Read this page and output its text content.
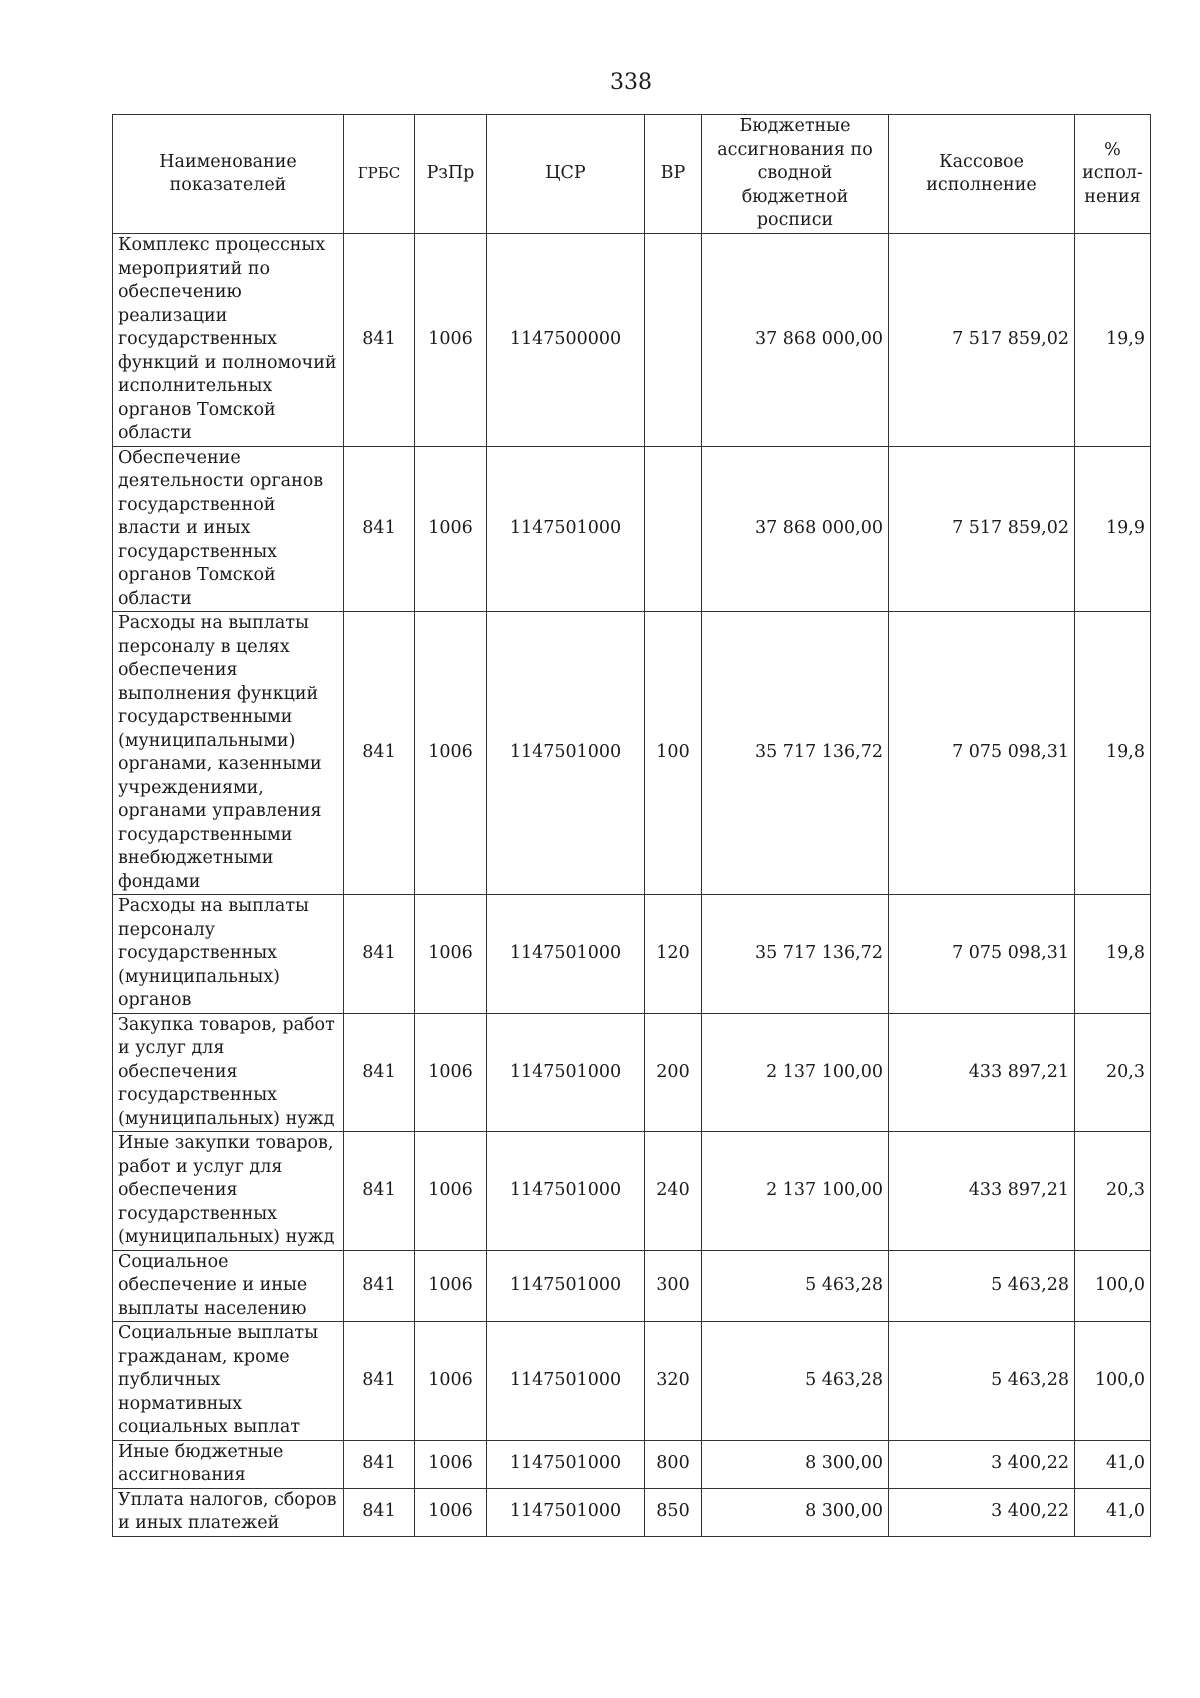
338
Наименование показателей	ГРБС	РзПр	ЦСР	ВР	Бюджетные ассигнования по сводной бюджетной росписи	Кассовое исполнение	% испол-нения
Комплекс процессных мероприятий по обеспечению реализации государственных функций и полномочий исполнительных органов Томской области	841	1006	1147500000		37 868 000,00	7 517 859,02	19,9
Обеспечение деятельности органов государственной власти и иных государственных органов Томской области	841	1006	1147501000		37 868 000,00	7 517 859,02	19,9
Расходы на выплаты персоналу в целях обеспечения выполнения функций государственными (муниципальными) органами, казенными учреждениями, органами управления государственными внебюджетными фондами	841	1006	1147501000	100	35 717 136,72	7 075 098,31	19,8
Расходы на выплаты персоналу государственных (муниципальных) органов	841	1006	1147501000	120	35 717 136,72	7 075 098,31	19,8
Закупка товаров, работ и услуг для обеспечения государственных (муниципальных) нужд	841	1006	1147501000	200	2 137 100,00	433 897,21	20,3
Иные закупки товаров, работ и услуг для обеспечения государственных (муниципальных) нужд	841	1006	1147501000	240	2 137 100,00	433 897,21	20,3
Социальное обеспечение и иные выплаты населению	841	1006	1147501000	300	5 463,28	5 463,28	100,0
Социальные выплаты гражданам, кроме публичных нормативных социальных выплат	841	1006	1147501000	320	5 463,28	5 463,28	100,0
Иные бюджетные ассигнования	841	1006	1147501000	800	8 300,00	3 400,22	41,0
Уплата налогов, сборов и иных платежей	841	1006	1147501000	850	8 300,00	3 400,22	41,0
